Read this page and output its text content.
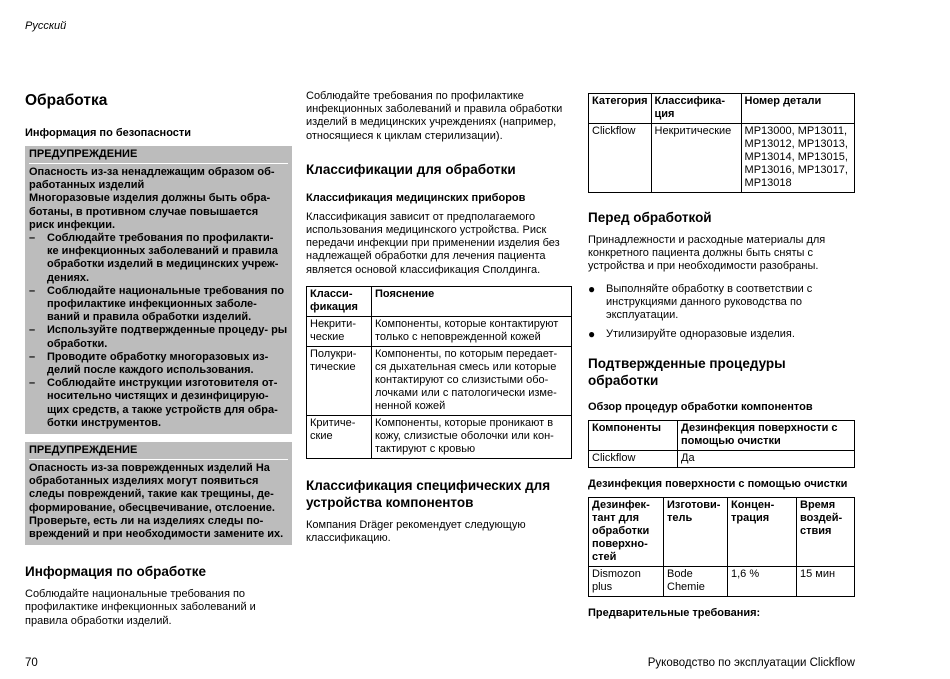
Русский
Обработка
Информация по безопасности
ПРЕДУПРЕЖДЕНИЕ
Опасность из-за ненадлежащим образом об-
работанных изделий
Многоразовые изделия должны быть обра-
ботаны, в противном случае повышается
риск инфекции.
–	Соблюдайте требования по профилакти- ке инфекционных заболеваний и правила обработки изделий в медицинских учреж- дениях.
–	Соблюдайте национальные требования по профилактике инфекционных заболе- ваний и правила обработки изделий.
–	Используйте подтвержденные процеду- ры обработки.
–	Проводите обработку многоразовых из- делий после каждого использования.
–	Соблюдайте инструкции изготовителя от- носительно чистящих и дезинфицирую- щих средств, а также устройств для обра- ботки инструментов.
ПРЕДУПРЕЖДЕНИЕ
Опасность из-за поврежденных изделий На обработанных изделиях могут появиться следы повреждений, такие как трещины, де- формирование, обесцвечивание, отслоение. Проверьте, есть ли на изделиях следы по- вреждений и при необходимости замените их.
Информация по обработке
Соблюдайте национальные требования по профилактике инфекционных заболеваний и правила обработки изделий.
Соблюдайте требования по профилактике инфекционных заболеваний и правила обработки изделий в медицинских учреждениях (например, относящиеся к циклам стерилизации).
Классификации для обработки
Классификация медицинских приборов
Классификация зависит от предполагаемого использования медицинского устройства. Риск передачи инфекции при применении изделия без надлежащей обработки для лечения пациента является основой классификация Сполдинга.
Класси- фикация	Пояснение
Некрити- ческие	Компоненты, которые контактируют только с неповрежденной кожей
Полукри- тические	Компоненты, по которым передает- ся дыхательная смесь или которые контактируют со слизистыми обо- лочками или с патологически изме- ненной кожей
Критиче- ские	Компоненты, которые проникают в кожу, слизистые оболочки или кон- тактируют с кровью
Классификация специфических для устройства компонентов
Компания Dräger рекомендует следующую классификацию.
Категория	Классифика- ция	Номер детали
Clickflow	Некритические	MP13000, MP13011, MP13012, MP13013, MP13014, MP13015, MP13016, MP13017, MP13018
Перед обработкой
Принадлежности и расходные материалы для конкретного пациента должны быть сняты с устройства и при необходимости разобраны.
● Выполняйте обработку в соответствии с инструкциями данного руководства по эксплуатации.
● Утилизируйте одноразовые изделия.
Подтвержденные процедуры обработки
Обзор процедур обработки компонентов
Компоненты	Дезинфекция поверхности с помощью очистки
Clickflow	Да
Дезинфекция поверхности с помощью очистки
Дезинфек- тант для обработки поверхно- стей	Изготови- тель	Концен- трация	Время воздей- ствия
Dismozon plus	Bode Chemie	1,6 %	15 мин
Предварительные требования:
70	Руководство по эксплуатации Clickflow
